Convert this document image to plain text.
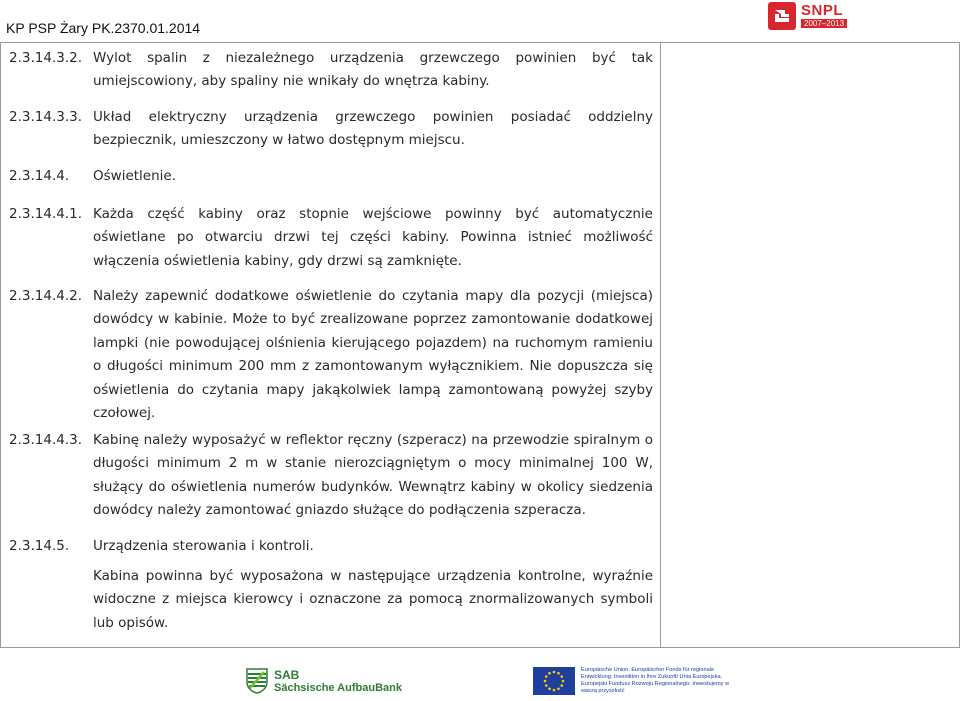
KP PSP Żary PK.2370.01.2014
SNPL
2007–2013
2.3.14.3.2. Wylot spalin z niezależnego urządzenia grzewczego powinien być tak umiejscowiony, aby spaliny nie wnikały do wnętrza kabiny.
2.3.14.3.3. Układ elektryczny urządzenia grzewczego powinien posiadać oddzielny bezpiecznik, umieszczony w łatwo dostępnym miejscu.
2.3.14.4. Oświetlenie.
2.3.14.4.1. Każda część kabiny oraz stopnie wejściowe powinny być automatycznie oświetlane po otwarciu drzwi tej części kabiny. Powinna istnieć możliwość włączenia oświetlenia kabiny, gdy drzwi są zamknięte.
2.3.14.4.2. Należy zapewnić dodatkowe oświetlenie do czytania mapy dla pozycji (miejsca) dowódcy w kabinie. Może to być zrealizowane poprzez zamontowanie dodatkowej lampki (nie powodującej olśnienia kierującego pojazdem) na ruchomym ramieniu o długości minimum 200 mm z zamontowanym wyłącznikiem. Nie dopuszcza się oświetlenia do czytania mapy jakąkolwiek lampą zamontowaną powyżej szyby czołowej.
2.3.14.4.3. Kabinę należy wyposażyć w reflektor ręczny (szperacz) na przewodzie spiralnym o długości minimum 2 m w stanie nierozciągniętym o mocy minimalnej 100 W, służący do oświetlenia numerów budynków. Wewnątrz kabiny w okolicy siedzenia dowódcy należy zamontować gniazdo służące do podłączenia szperacza.
2.3.14.5. Urządzenia sterowania i kontroli.
Kabina powinna być wyposażona w następujące urządzenia kontrolne, wyraźnie widoczne z miejsca kierowcy i oznaczone za pomocą znormalizowanych symboli lub opisów.

SAB
Sächsische AufbauBank
Europäische Union. Europäischer Fonds für regionale Entwicklung: Investition in Ihre Zukunft/ Unia Europejska. Europejski Fundusz Rozwoju Regionalnego: Inwestujemy w waszą przyszłość
